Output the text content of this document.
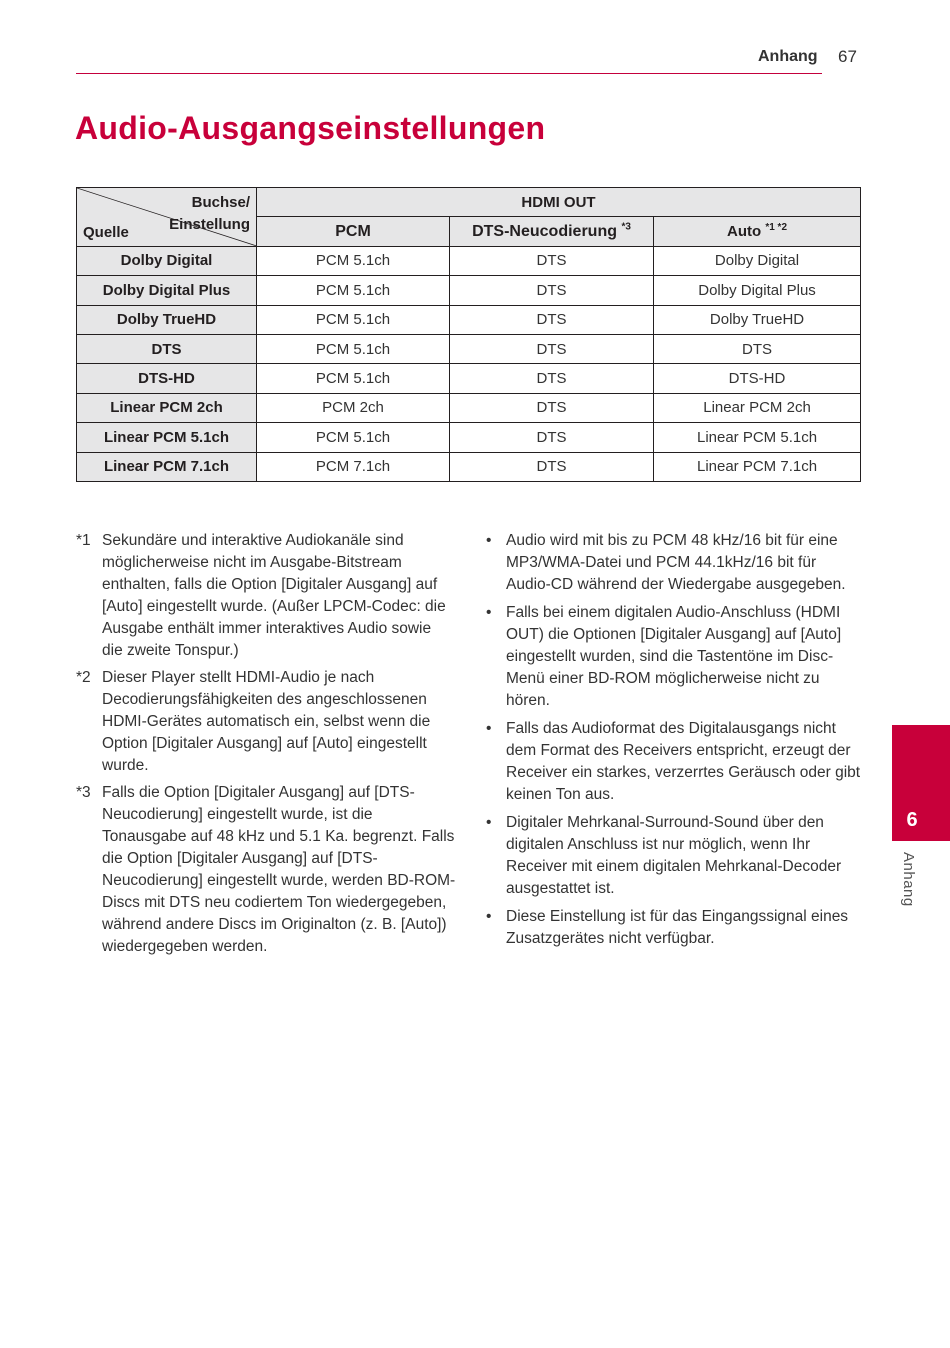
Anhang 67
Audio-Ausgangseinstellungen
Buchse/
Einstellung
Quelle	HDMI OUT		
	PCM	DTS-Neucodierung $^{*3}$	Auto $^{*1 *2}$
Dolby Digital	PCM 5.1ch	DTS	Dolby Digital
Dolby Digital Plus	PCM 5.1ch	DTS	Dolby Digital Plus
Dolby TrueHD	PCM 5.1ch	DTS	Dolby TrueHD
DTS	PCM 5.1ch	DTS	DTS
DTS-HD	PCM 5.1ch	DTS	DTS-HD
Linear PCM 2ch	PCM 2ch	DTS	Linear PCM 2ch
Linear PCM 5.1ch	PCM 5.1ch	DTS	Linear PCM 5.1ch
Linear PCM 7.1ch	PCM 7.1ch	DTS	Linear PCM 7.1ch
*1 Sekundäre und interaktive Audiokanäle sind möglicherweise nicht im Ausgabe-Bitstream enthalten, falls die Option [Digitaler Ausgang] auf [Auto] eingestellt wurde. (Außer LPCM-Codec: die Ausgabe enthält immer interaktives Audio sowie die zweite Tonspur.)
*2 Dieser Player stellt HDMI-Audio je nach Decodierungsfähigkeiten des angeschlossenen HDMI-Gerätes automatisch ein, selbst wenn die Option [Digitaler Ausgang] auf [Auto] eingestellt wurde.
*3 Falls die Option [Digitaler Ausgang] auf [DTS-Neucodierung] eingestellt wurde, ist die Tonausgabe auf 48 kHz und 5.1 Ka. begrenzt. Falls die Option [Digitaler Ausgang] auf [DTS-Neucodierung] eingestellt wurde, werden BD-ROM-Discs mit DTS neu codiertem Ton wiedergegeben, während andere Discs im Originalton (z. B. [Auto]) wiedergegeben werden.
• Audio wird mit bis zu PCM 48 kHz/16 bit für eine MP3/WMA-Datei und PCM 44.1kHz/16 bit für Audio-CD während der Wiedergabe ausgegeben.
• Falls bei einem digitalen Audio-Anschluss (HDMI OUT) die Optionen [Digitaler Ausgang] auf [Auto] eingestellt wurden, sind die Tastentöne im Disc-Menü einer BD-ROM möglicherweise nicht zu hören.
• Falls das Audioformat des Digitalausgangs nicht dem Format des Receivers entspricht, erzeugt der Receiver ein starkes, verzerrtes Geräusch oder gibt keinen Ton aus.
• Digitaler Mehrkanal-Surround-Sound über den digitalen Anschluss ist nur möglich, wenn Ihr Receiver mit einem digitalen Mehrkanal-Decoder ausgestattet ist.
• Diese Einstellung ist für das Eingangssignal eines Zusatzgerätes nicht verfügbar.
6
Anhang
